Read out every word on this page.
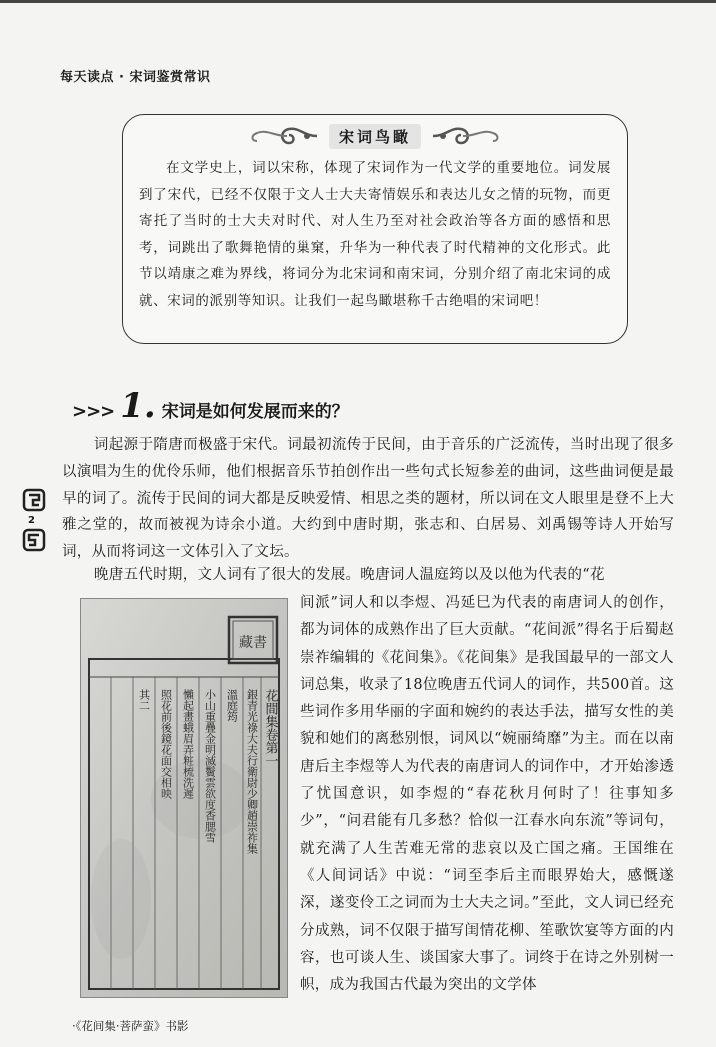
每天读点 · 宋词鉴赏常识
宋词鸟瞰
在文学史上，词以宋称，体现了宋词作为一代文学的重要地位。词发展到了宋代，已经不仅限于文人士大夫寄情娱乐和表达儿女之情的玩物，而更寄托了当时的士大夫对时代、对人生乃至对社会政治等各方面的感悟和思考，词跳出了歌舞艳情的巢窠，升华为一种代表了时代精神的文化形式。此节以靖康之难为界线，将词分为北宋词和南宋词，分别介绍了南北宋词的成就、宋词的派别等知识。让我们一起鸟瞰堪称千古绝唱的宋词吧！
>>> 1. 宋词是如何发展而来的？
词起源于隋唐而极盛于宋代。词最初流传于民间，由于音乐的广泛流传，当时出现了很多以演唱为生的优伶乐师，他们根据音乐节拍创作出一些句式长短参差的曲词，这些曲词便是最早的词了。流传于民间的词大都是反映爱情、相思之类的题材，所以词在文人眼里是登不上大雅之堂的，故而被视为诗余小道。大约到中唐时期，张志和、白居易、刘禹锡等诗人开始写词，从而将词这一文体引入了文坛。
晚唐五代时期，文人词有了很大的发展。晚唐词人温庭筠以及以他为代表的“花
2
藏書
花間集卷第一
銀青光祿大夫行衛尉少卿趙崇祚集
溫庭筠
小山重疊金明滅鬢雲欲度香腮雪
懶起畫蛾眉弄粧梳洗遲
照花前後鏡花面交相映
其二
间派”词人和以李煜、冯延巳为代表的南唐词人的创作，都为词体的成熟作出了巨大贡献。“花间派”得名于后蜀赵崇祚编辑的《花间集》。《花间集》是我国最早的一部文人词总集，收录了18位晚唐五代词人的词作，共500首。这些词作多用华丽的字面和婉约的表达手法，描写女性的美貌和她们的离愁别恨，词风以“婉丽绮靡”为主。而在以南唐后主李煜等人为代表的南唐词人的词作中，才开始渗透了忧国意识，如李煜的“春花秋月何时了！往事知多少”，“问君能有几多愁？恰似一江春水向东流”等词句，就充满了人生苦难无常的悲哀以及亡国之痛。王国维在《人间词话》中说：“词至李后主而眼界始大，感慨遂深，遂变伶工之词而为士大夫之词。”至此，文人词已经充分成熟，词不仅限于描写闺情花柳、笙歌饮宴等方面的内容，也可谈人生、谈国家大事了。词终于在诗之外别树一帜，成为我国古代最为突出的文学体
·《花间集·菩萨蛮》书影
